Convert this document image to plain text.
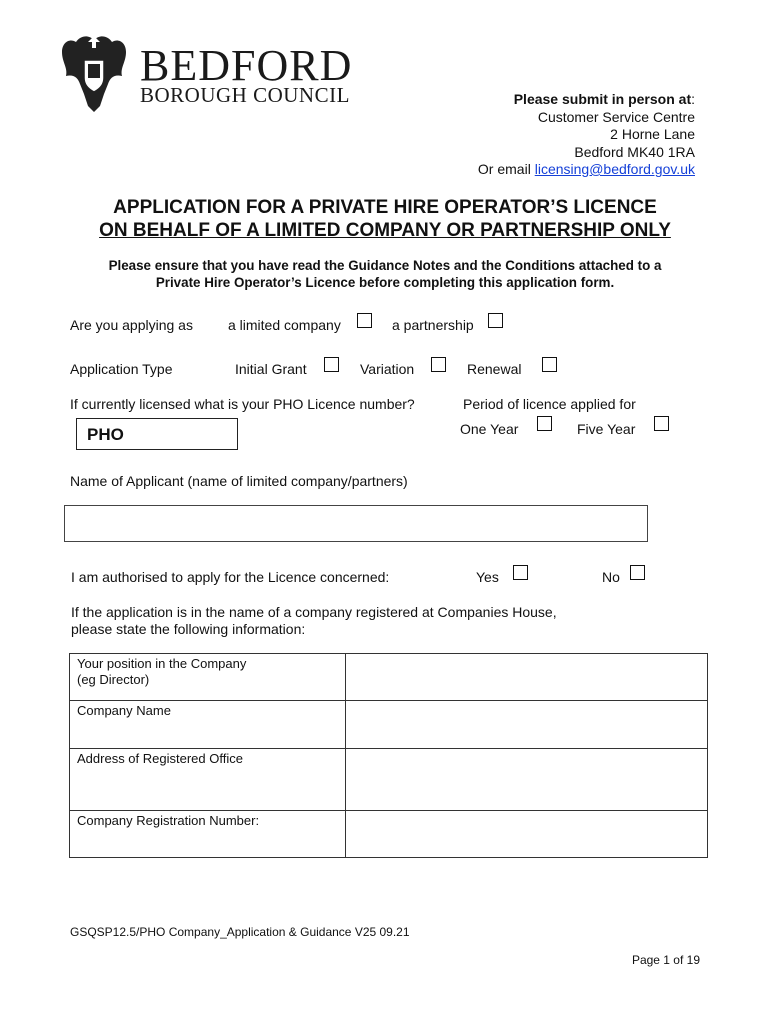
BEDFORD
BOROUGH COUNCIL	Please submit in person at:
Customer Service Centre
2 Horne Lane
Bedford MK40 1RA
Or email licensing@bedford.gov.uk
APPLICATION FOR A PRIVATE HIRE OPERATOR’S LICENCE
ON BEHALF OF A LIMITED COMPANY OR PARTNERSHIP ONLY
Please ensure that you have read the Guidance Notes and the Conditions attached to a
Private Hire Operator’s Licence before completing this application form.
Are you applying as	a limited company	a partnership
Application Type	Initial Grant	Variation	Renewal
If currently licensed what is your PHO Licence number?
PHO
Period of licence applied for
One Year	Five Year
Name of Applicant (name of limited company/partners)
I am authorised to apply for the Licence concerned:	Yes	No
If the application is in the name of a company registered at Companies House,
please state the following information:
Your position in the Company
(eg Director)	

Company Name	

Address of Registered Office	

Company Registration Number:	

GSQSP12.5/PHO Company_Application & Guidance V25 09.21
Page 1 of 19
